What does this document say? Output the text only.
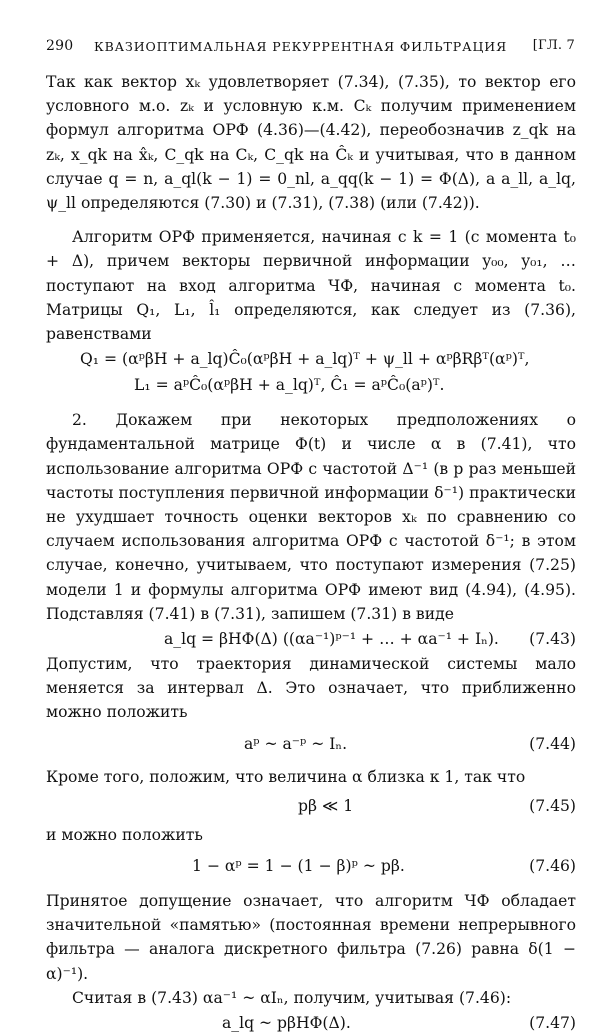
290 КВАЗИОПТИМАЛЬНАЯ РЕКУРРЕНТНАЯ ФИЛЬТРАЦИЯ [ГЛ. 7

Так как вектор xₖ удовлетворяет (7.34), (7.35), то вектор его условного м.о. zₖ и условную к.м. Cₖ получим применением формул алгоритма ОРФ (4.36)—(4.42), переобозначив z_qk на zₖ, x_qk на x̂ₖ, C_qk на Cₖ, C_qk на Ĉₖ и учитывая, что в данном случае q = n, a_ql(k − 1) = 0_nl, a_qq(k − 1) = Φ(Δ), а a_ll, a_lq, ψ_ll определяются (7.30) и (7.31), (7.38) (или (7.42)).

Алгоритм ОРФ применяется, начиная с k = 1 (с момента t₀ + Δ), причем векторы первичной информации y₀₀, y₀₁, … поступают на вход алгоритма ЧФ, начиная с момента t₀. Матрицы Q₁, L₁, l̂₁ определяются, как следует из (7.36), равенствами

Q₁ = (αᵖβH + a_lq)Ĉ₀(αᵖβH + a_lq)ᵀ + ψ_ll + αᵖβRβᵀ(αᵖ)ᵀ,
L₁ = aᵖĈ₀(αᵖβH + a_lq)ᵀ, Ĉ₁ = aᵖĈ₀(aᵖ)ᵀ.

2. Докажем при некоторых предположениях о фундаментальной матрице Φ(t) и числе α в (7.41), что использование алгоритма ОРФ с частотой Δ⁻¹ (в p раз меньшей частоты поступления первичной информации δ⁻¹) практически не ухудшает точность оценки векторов xₖ по сравнению со случаем использования алгоритма ОРФ с частотой δ⁻¹; в этом случае, конечно, учитываем, что поступают измерения (7.25) модели 1 и формулы алгоритма ОРФ имеют вид (4.94), (4.95). Подставляя (7.41) в (7.31), запишем (7.31) в виде

a_lq = βHΦ(Δ) ((αa⁻¹)ᵖ⁻¹ + … + αa⁻¹ + Iₙ). (7.43)

Допустим, что траектория динамической системы мало меняется за интервал Δ. Это означает, что приближенно можно положить

aᵖ ~ a⁻ᵖ ~ Iₙ.	(7.44)

Кроме того, положим, что величина α близка к 1, так что

pβ ≪ 1	(7.45)

и можно положить

1 − αᵖ = 1 − (1 − β)ᵖ ~ pβ.	(7.46)

Принятое допущение означает, что алгоритм ЧФ обладает значительной «памятью» (постоянная времени непрерывного фильтра — аналога дискретного фильтра (7.26) равна δ(1 − α)⁻¹).

Считая в (7.43) αa⁻¹ ~ αIₙ, получим, учитывая (7.46):

a_lq ~ pβHΦ(Δ).	(7.47)
